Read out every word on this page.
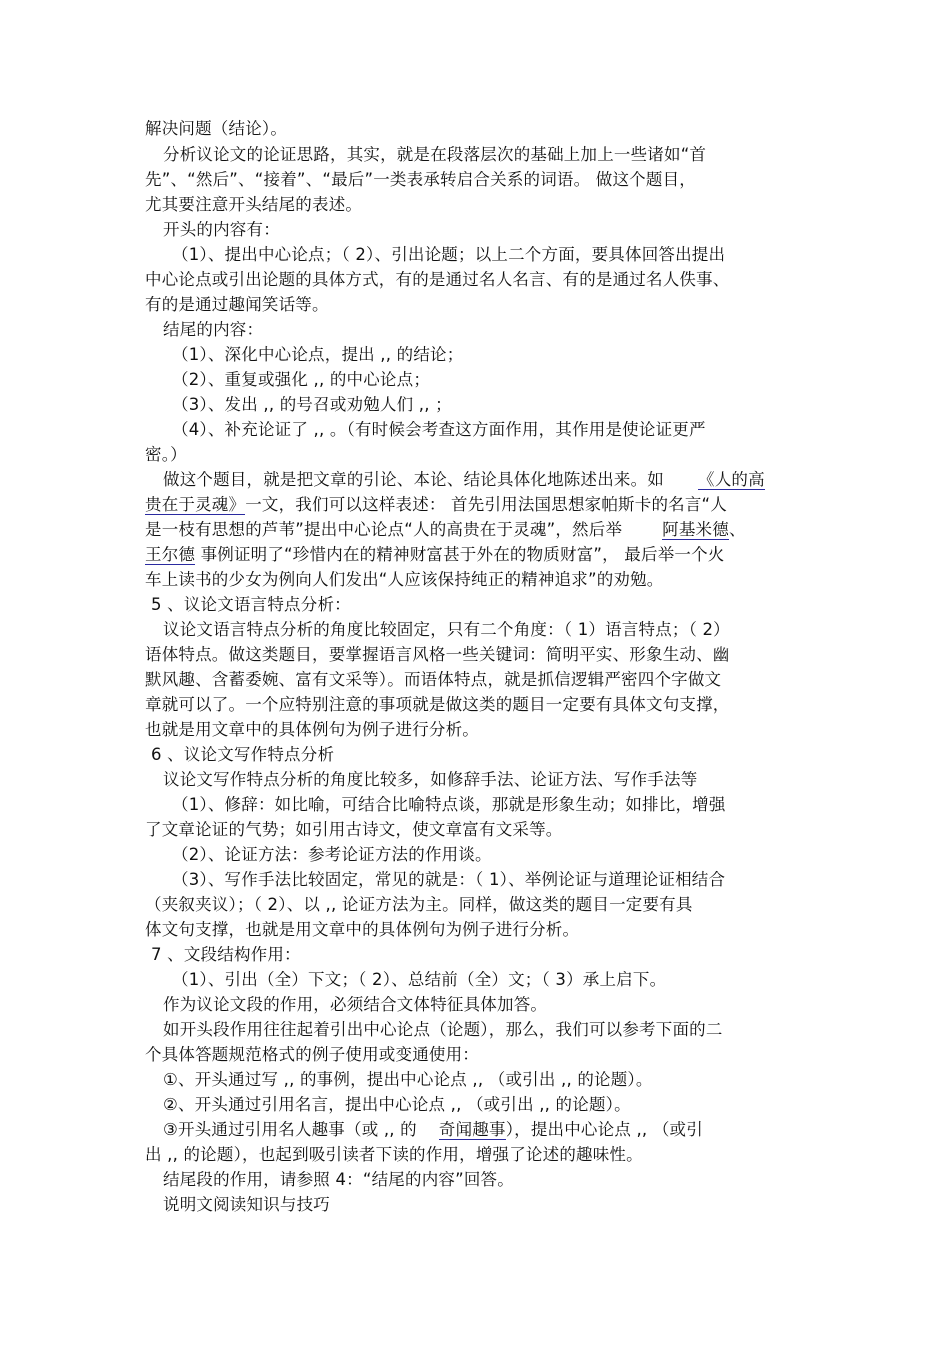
解决问题（结论）。
分析议论文的论证思路，其实，就是在段落层次的基础上加上一些诸如“首
先”、“然后”、“接着”、“最后”一类表承转启合关系的词语。 做这个题目，
尤其要注意开头结尾的表述。
开头的内容有：
（1）、提出中心论点；（ 2）、引出论题；以上二个方面，要具体回答出提出
中心论点或引出论题的具体方式，有的是通过名人名言、有的是通过名人佚事、
有的是通过趣闻笑话等。
结尾的内容：
（1）、深化中心论点，提出 ,, 的结论；
（2）、重复或强化 ,, 的中心论点；
（3）、发出 ,, 的号召或劝勉人们 ,, ；
（4）、补充论证了 ,, 。（有时候会考查这方面作用，其作用是使论证更严
密。）
做这个题目，就是把文章的引论、本论、结论具体化地陈述出来。如 《人的高
贵在于灵魂》一文，我们可以这样表述： 首先引用法国思想家帕斯卡的名言“人
是一枝有思想的芦苇”提出中心论点“人的高贵在于灵魂”，然后举 阿基米德、
王尔德 事例证明了“珍惜内在的精神财富甚于外在的物质财富”， 最后举一个火
车上读书的少女为例向人们发出“人应该保持纯正的精神追求”的劝勉。
5 、议论文语言特点分析：
议论文语言特点分析的角度比较固定，只有二个角度：（ 1）语言特点；（ 2）
语体特点。做这类题目，要掌握语言风格一些关键词：简明平实、形象生动、幽
默风趣、含蓄委婉、富有文采等）。而语体特点，就是抓信逻辑严密四个字做文
章就可以了。一个应特别注意的事项就是做这类的题目一定要有具体文句支撑，
也就是用文章中的具体例句为例子进行分析。
6 、议论文写作特点分析
议论文写作特点分析的角度比较多，如修辞手法、论证方法、写作手法等
（1）、修辞：如比喻，可结合比喻特点谈，那就是形象生动；如排比，增强
了文章论证的气势；如引用古诗文，使文章富有文采等。
（2）、论证方法：参考论证方法的作用谈。
（3）、写作手法比较固定，常见的就是：（ 1）、举例论证与道理论证相结合
（夹叙夹议）；（ 2）、以 ,, 论证方法为主。同样，做这类的题目一定要有具
体文句支撑，也就是用文章中的具体例句为例子进行分析。
7 、文段结构作用：
（1）、引出（全）下文；（ 2）、总结前（全）文；（ 3）承上启下。
作为议论文段的作用，必须结合文体特征具体加答。
如开头段作用往往起着引出中心论点（论题），那么，我们可以参考下面的二
个具体答题规范格式的例子使用或变通使用：
①、开头通过写 ,, 的事例，提出中心论点 ,, （或引出 ,, 的论题）。
②、开头通过引用名言，提出中心论点 ,, （或引出 ,, 的论题）。
③开头通过引用名人趣事（或 ,, 的 奇闻趣事），提出中心论点 ,, （或引
出 ,, 的论题），也起到吸引读者下读的作用，增强了论述的趣味性。
结尾段的作用，请参照 4：“结尾的内容”回答。
说明文阅读知识与技巧
